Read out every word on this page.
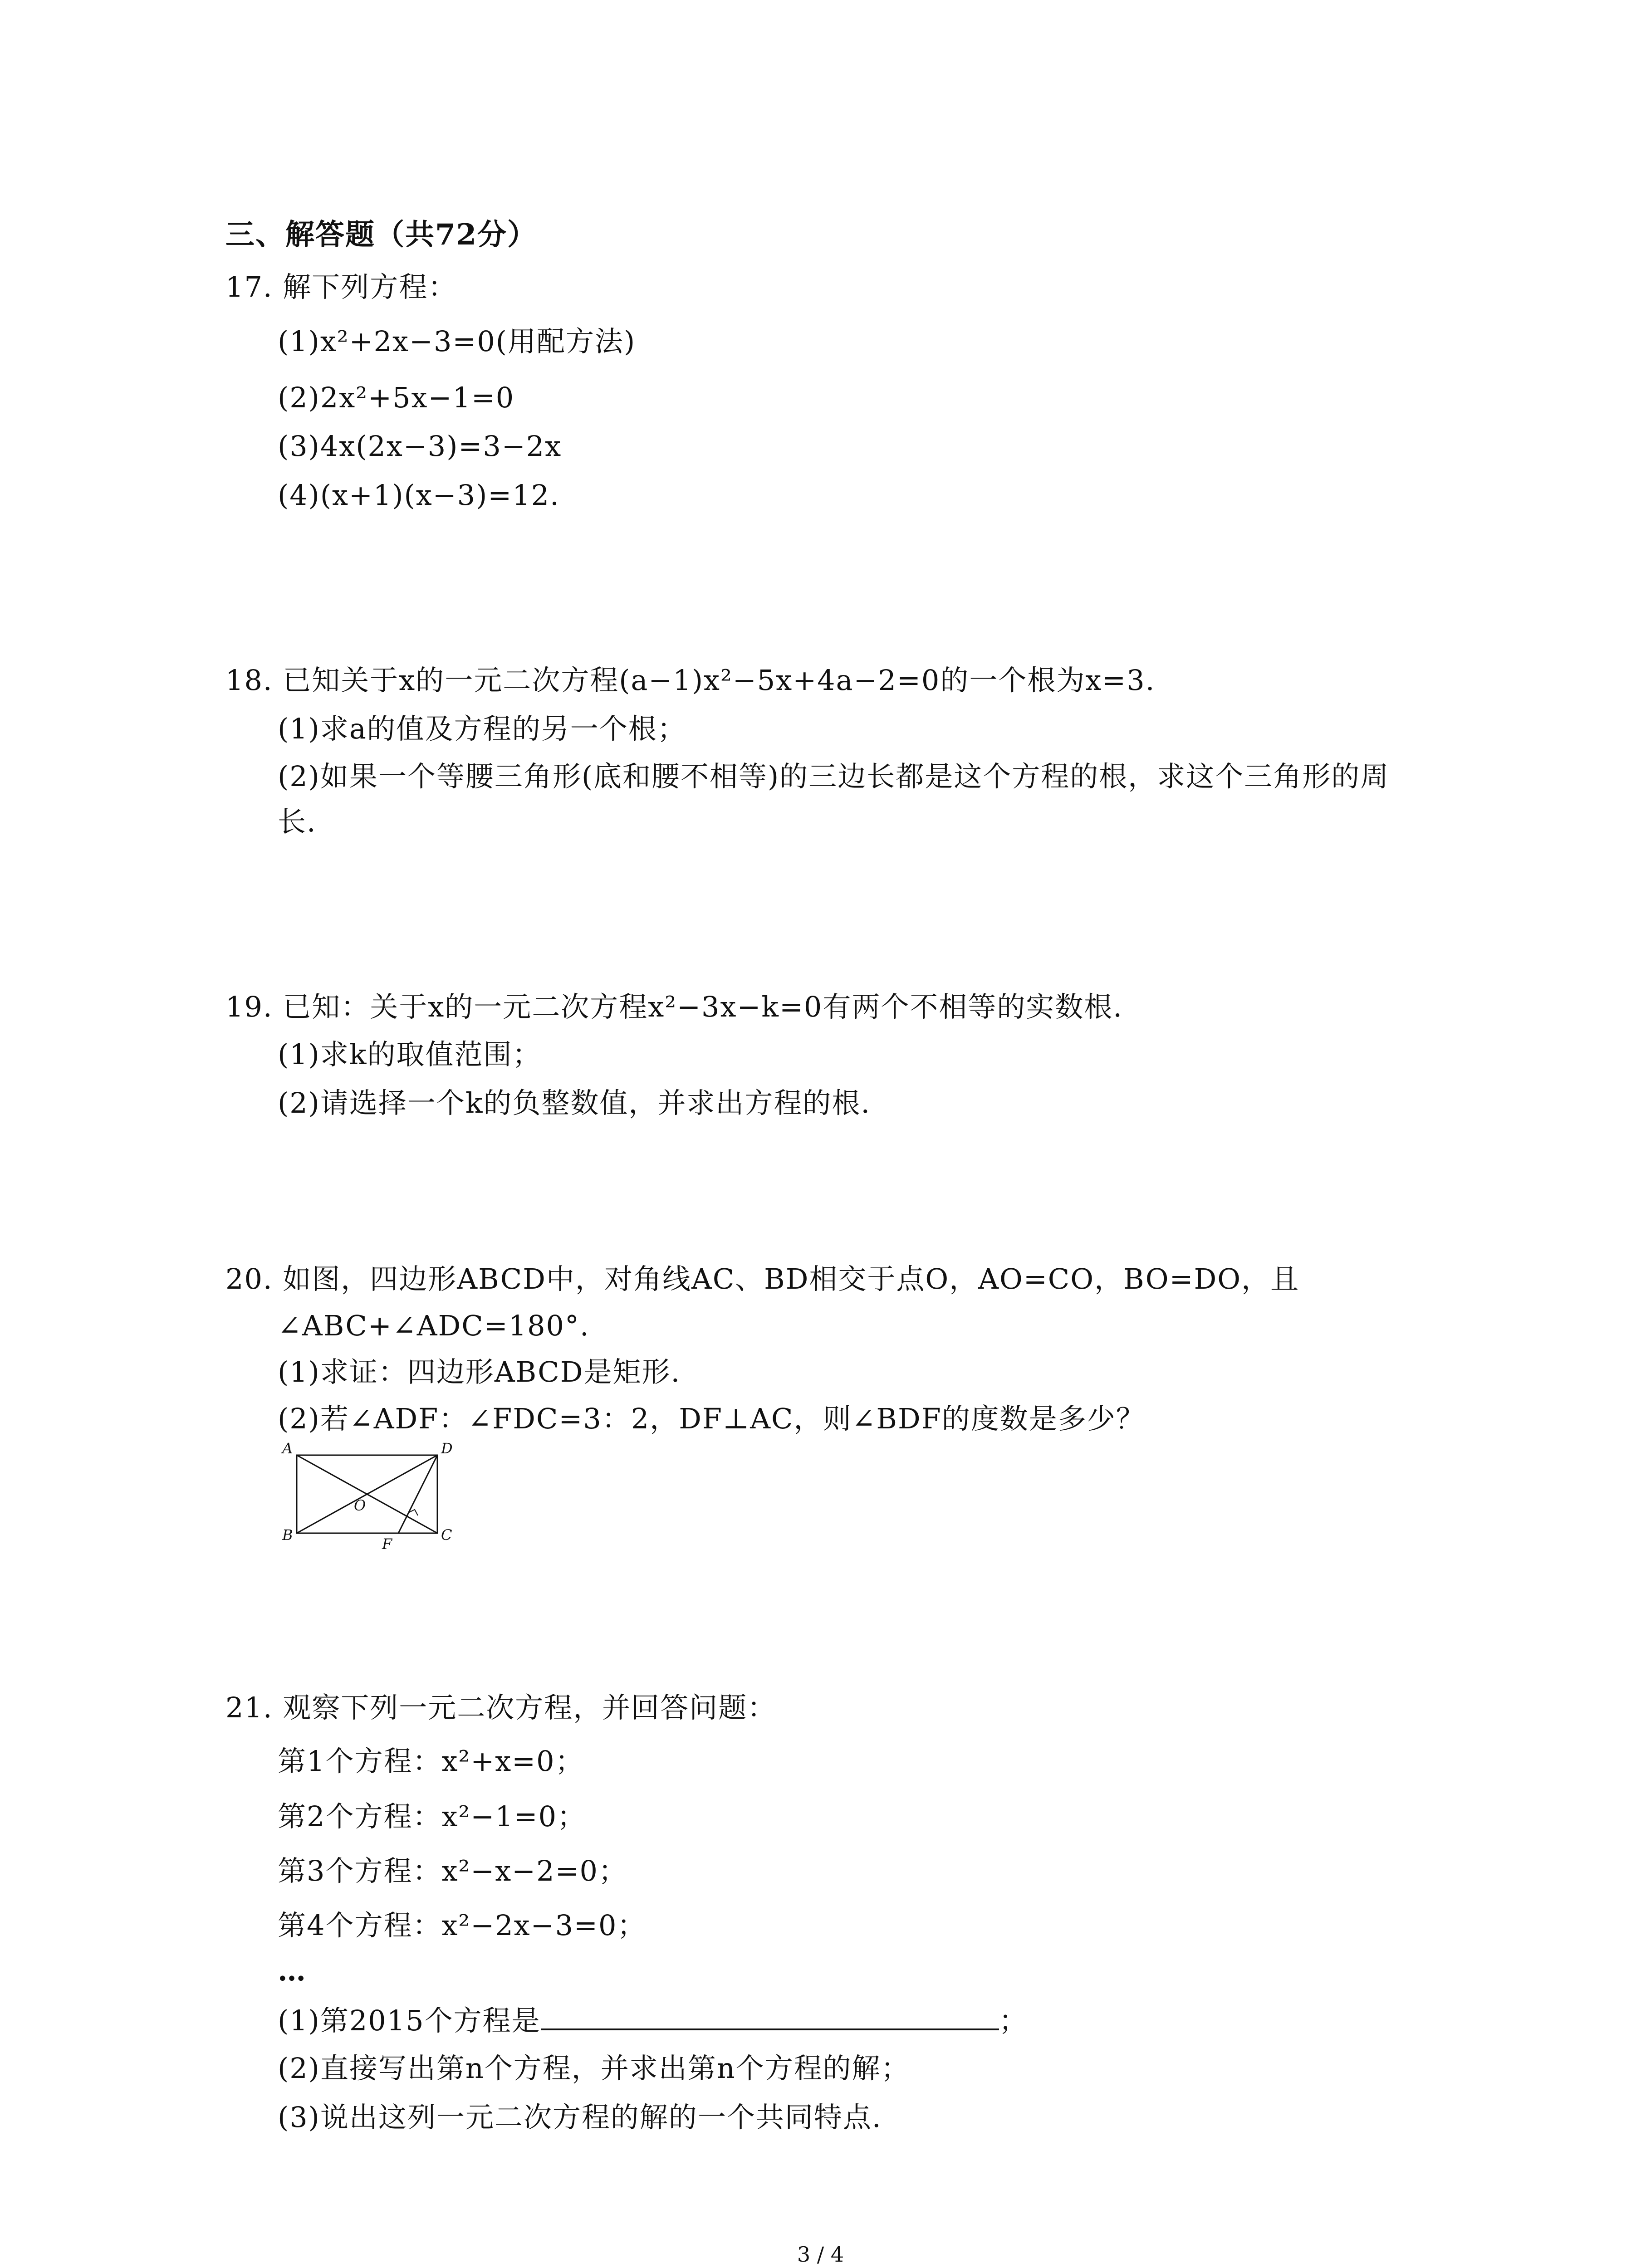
三、解答题（共72分）
17. 解下列方程：
(1)x²+2x−3=0(用配方法)
(2)2x²+5x−1=0
(3)4x(2x−3)=3−2x
(4)(x+1)(x−3)=12.
18. 已知关于x的一元二次方程(a−1)x²−5x+4a−2=0的一个根为x=3.
(1)求a的值及方程的另一个根；
(2)如果一个等腰三角形(底和腰不相等)的三边长都是这个方程的根，求这个三角形的周
长.
19. 已知：关于x的一元二次方程x²−3x−k=0有两个不相等的实数根.
(1)求k的取值范围；
(2)请选择一个k的负整数值，并求出方程的根.
20. 如图，四边形ABCD中，对角线AC、BD相交于点O，AO=CO，BO=DO，且
∠ABC+∠ADC=180°.
(1)求证：四边形ABCD是矩形.
(2)若∠ADF：∠FDC=3：2，DF⊥AC，则∠BDF的度数是多少？
A	D
B	C
O
F
21. 观察下列一元二次方程，并回答问题：
第1个方程：x²+x=0；
第2个方程：x²−1=0；
第3个方程：x²−x−2=0；
第4个方程：x²−2x−3=0；
…
(1)第2015个方程是	；
(2)直接写出第n个方程，并求出第n个方程的解；
(3)说出这列一元二次方程的解的一个共同特点.
3 / 4
